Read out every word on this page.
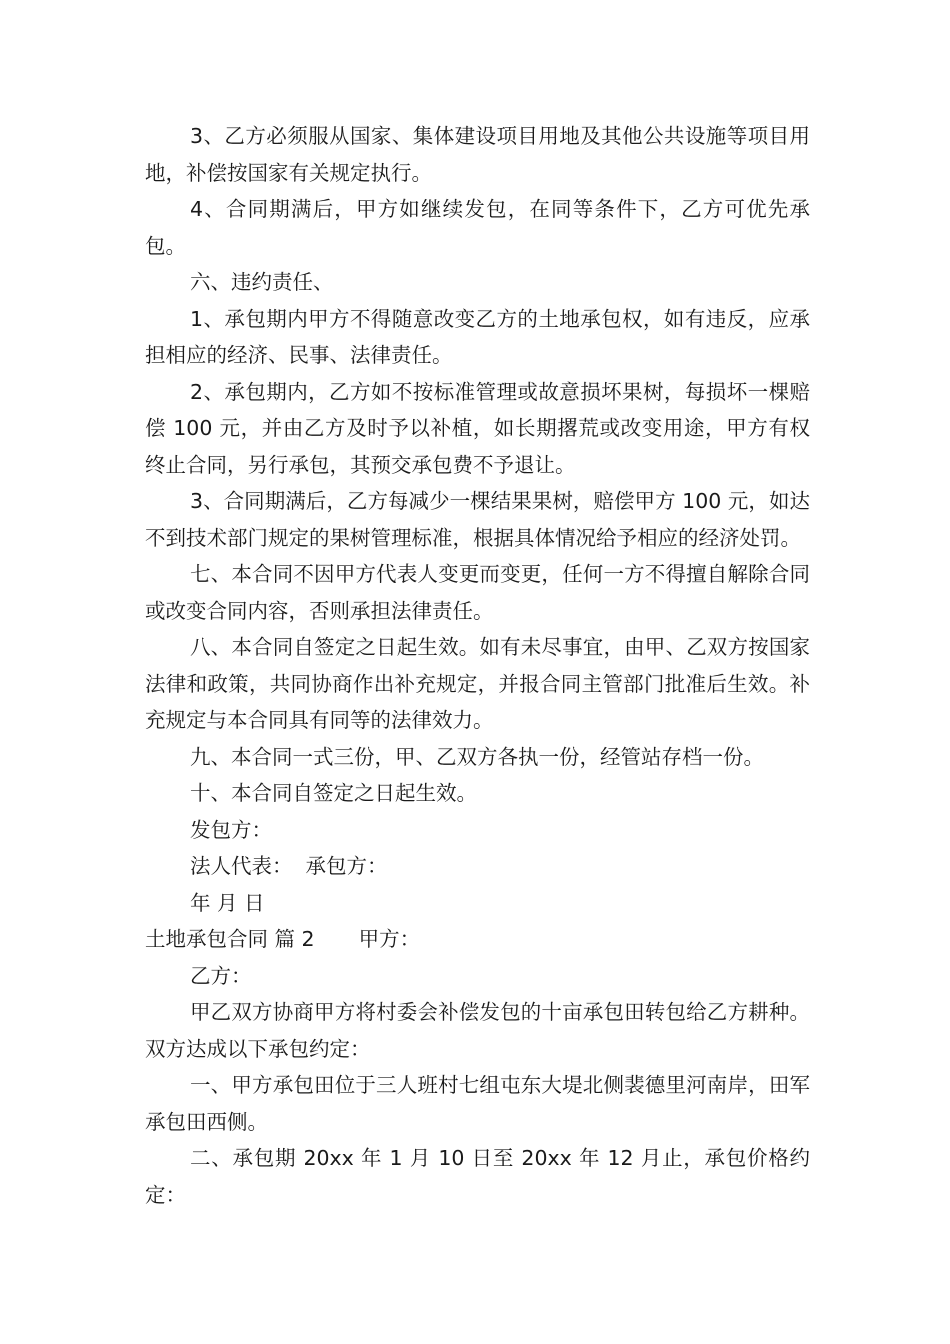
3、乙方必须服从国家、集体建设项目用地及其他公共设施等项目用地，补偿按国家有关规定执行。

4、合同期满后，甲方如继续发包，在同等条件下，乙方可优先承包。

六、违约责任、

1、承包期内甲方不得随意改变乙方的土地承包权，如有违反，应承担相应的经济、民事、法律责任。

2、承包期内，乙方如不按标准管理或故意损坏果树，每损坏一棵赔偿 100 元，并由乙方及时予以补植，如长期撂荒或改变用途，甲方有权终止合同，另行承包，其预交承包费不予退让。

3、合同期满后，乙方每减少一棵结果果树，赔偿甲方 100 元，如达不到技术部门规定的果树管理标准，根据具体情况给予相应的经济处罚。

七、本合同不因甲方代表人变更而变更，任何一方不得擅自解除合同或改变合同内容，否则承担法律责任。

八、本合同自签定之日起生效。如有未尽事宜，由甲、乙双方按国家法律和政策，共同协商作出补充规定，并报合同主管部门批准后生效。补充规定与本合同具有同等的法律效力。

九、本合同一式三份，甲、乙双方各执一份，经管站存档一份。

十、本合同自签定之日起生效。

发包方：

法人代表：  承包方：

年 月 日

土地承包合同 篇 2 甲方：

乙方：

甲乙双方协商甲方将村委会补偿发包的十亩承包田转包给乙方耕种。双方达成以下承包约定：

一、甲方承包田位于三人班村七组屯东大堤北侧裴德里河南岸，田军承包田西侧。

二、承包期 20xx 年 1 月 10 日至 20xx 年 12 月止，承包价格约定：
